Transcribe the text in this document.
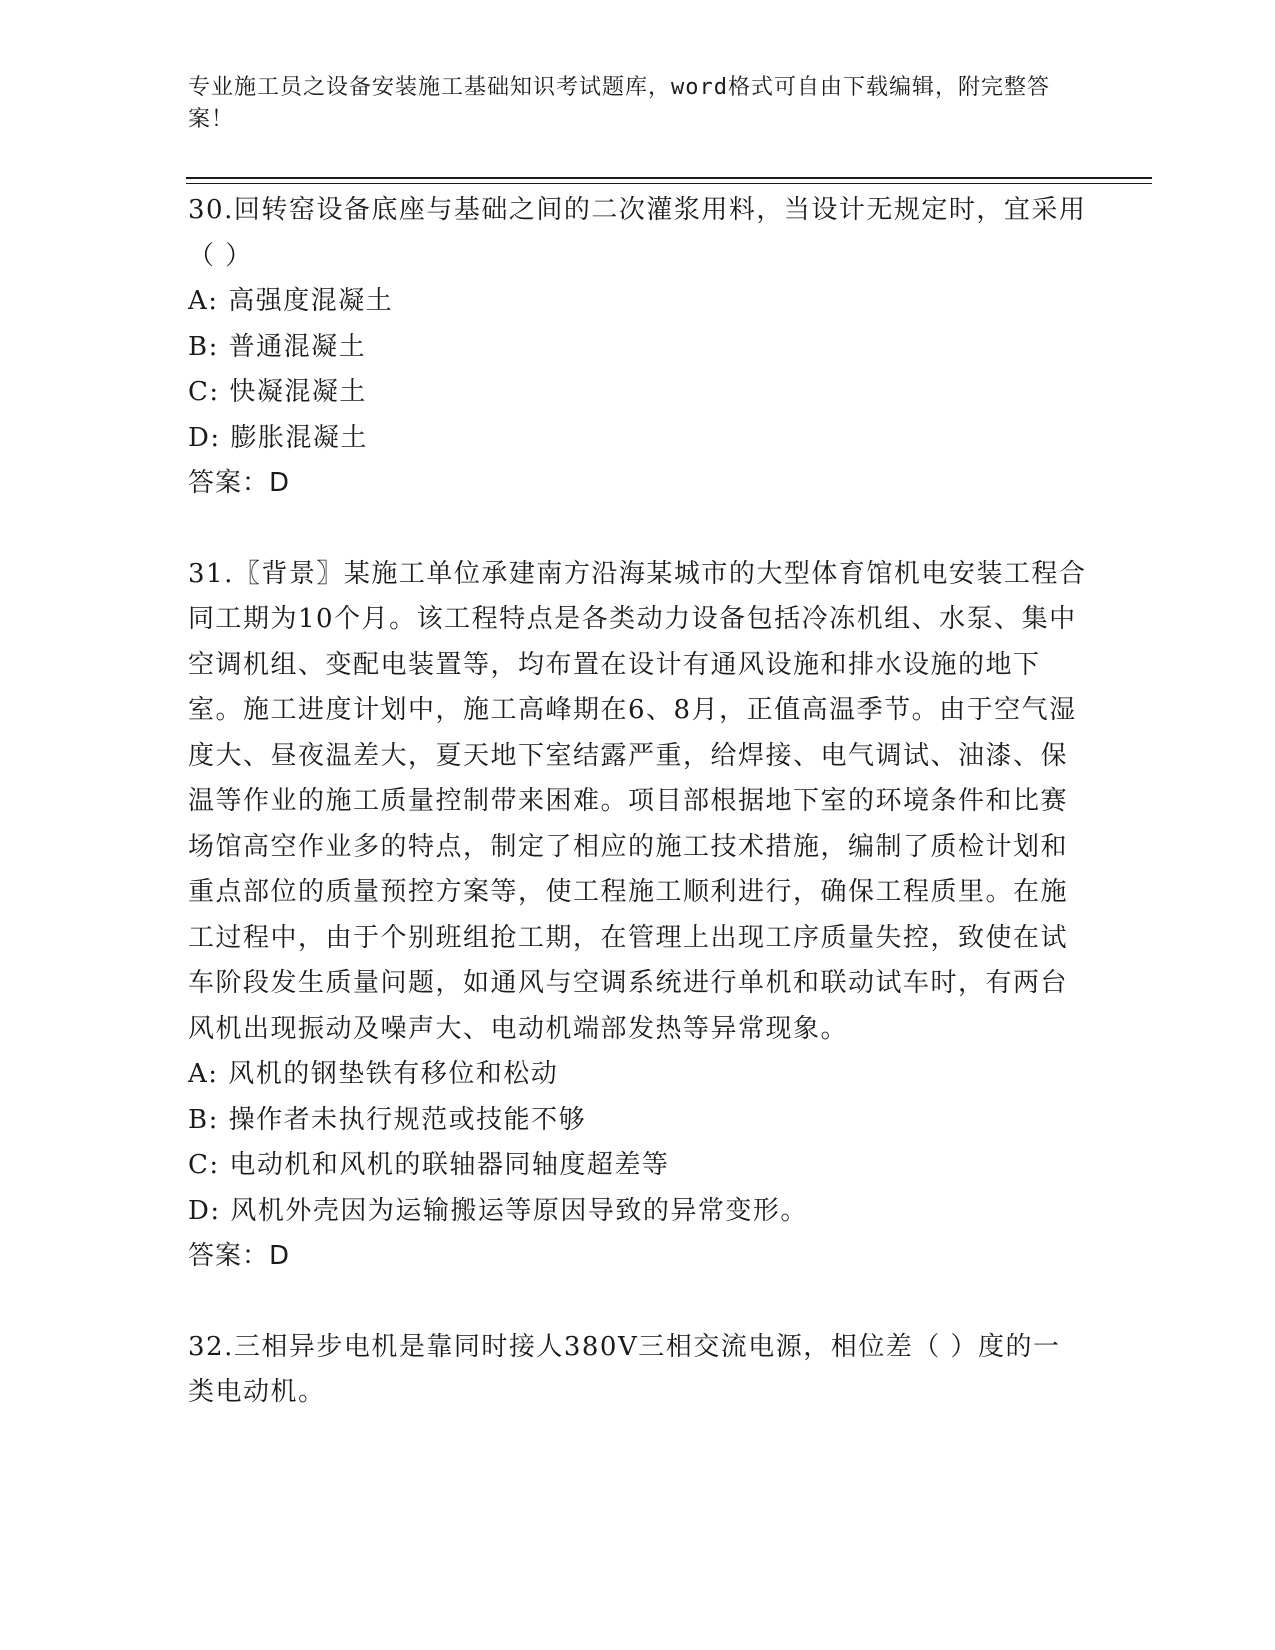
专业施工员之设备安装施工基础知识考试题库，word格式可自由下载编辑，附完整答案！

30.回转窑设备底座与基础之间的二次灌浆用料，当设计无规定时，宜采用（ ）

A: 高强度混凝土

B: 普通混凝土

C: 快凝混凝土

D: 膨胀混凝土

答案：D

31.〖背景〗某施工单位承建南方沿海某城市的大型体育馆机电安装工程合同工期为10个月。该工程特点是各类动力设备包括冷冻机组、水泵、集中空调机组、变配电装置等，均布置在设计有通风设施和排水设施的地下室。施工进度计划中，施工高峰期在6、8月，正值高温季节。由于空气湿度大、昼夜温差大，夏天地下室结露严重，给焊接、电气调试、油漆、保温等作业的施工质量控制带来困难。项目部根据地下室的环境条件和比赛场馆高空作业多的特点，制定了相应的施工技术措施，编制了质检计划和重点部位的质量预控方案等，使工程施工顺利进行，确保工程质里。在施工过程中，由于个别班组抢工期，在管理上出现工序质量失控，致使在试车阶段发生质量问题，如通风与空调系统进行单机和联动试车时，有两台风机出现振动及噪声大、电动机端部发热等异常现象。

A: 风机的钢垫铁有移位和松动

B: 操作者未执行规范或技能不够

C: 电动机和风机的联轴器同轴度超差等

D: 风机外壳因为运输搬运等原因导致的异常变形。

答案：D

32.三相异步电机是靠同时接人380V三相交流电源，相位差（ ）度的一类电动机。
